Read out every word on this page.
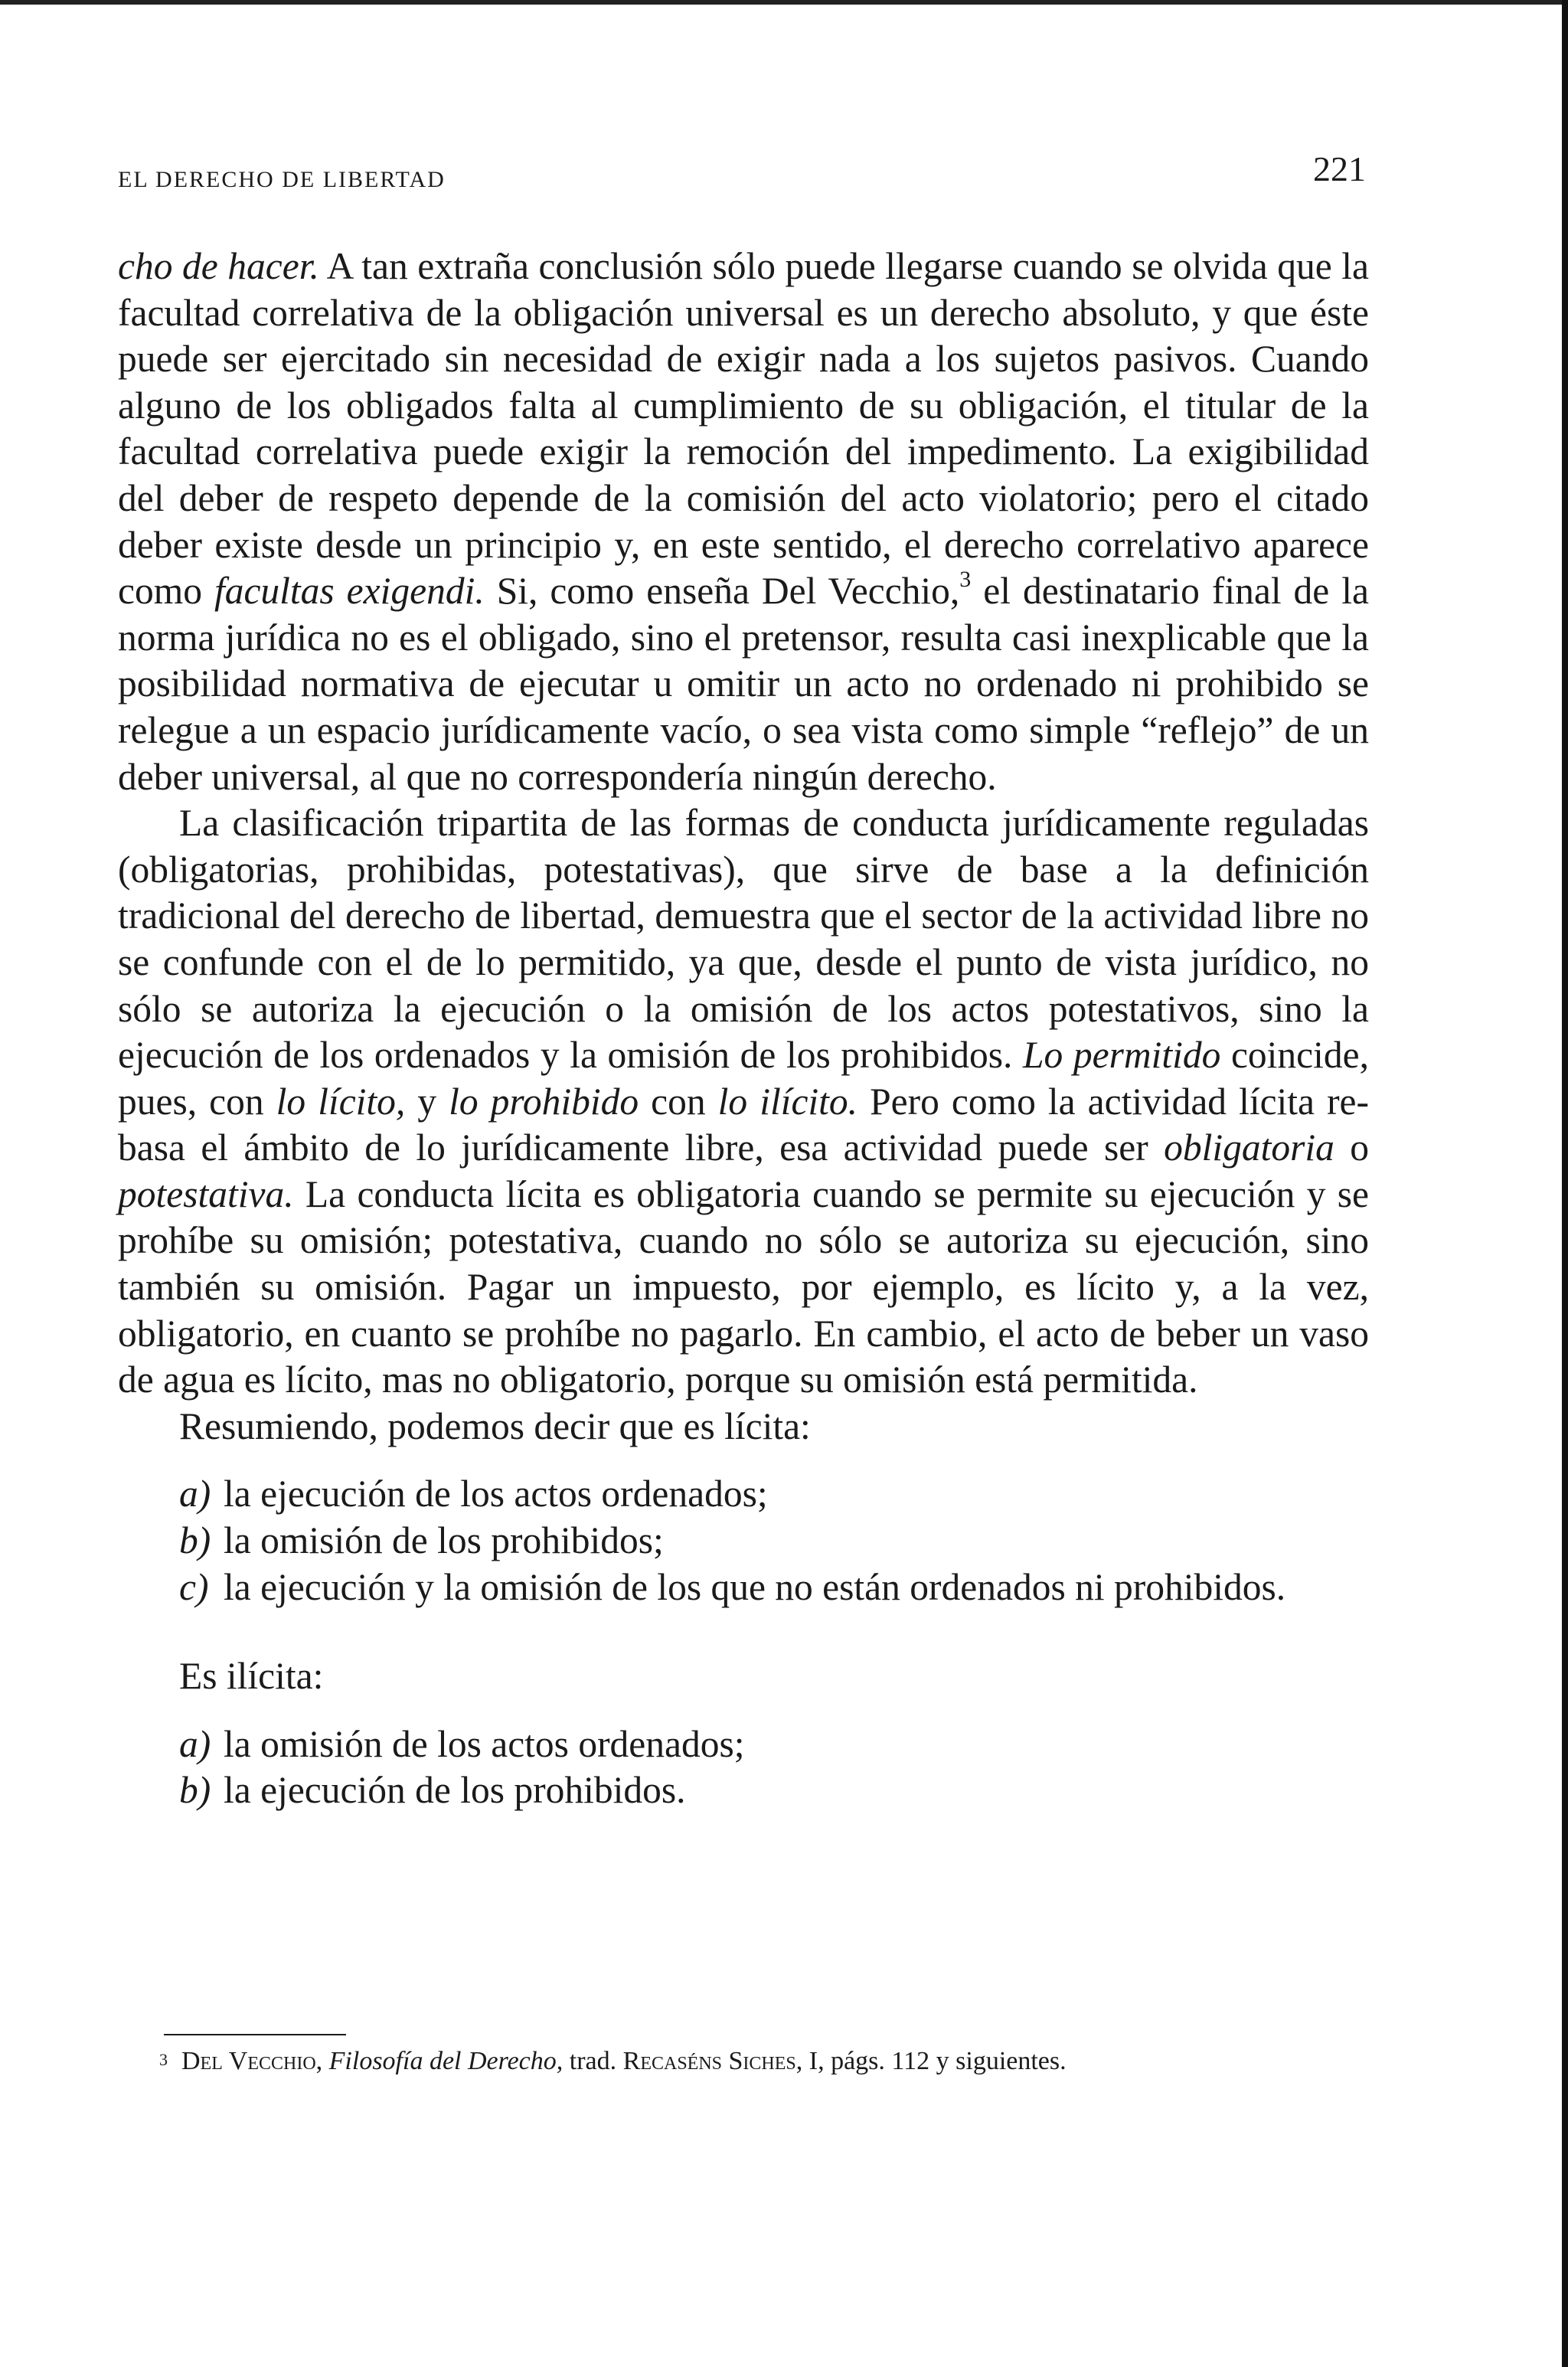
EL DERECHO DE LIBERTAD	221

cho de hacer. A tan extraña conclusión sólo puede llegarse cuando se olvida que la facultad correlativa de la obligación universal es un derecho absoluto, y que éste puede ser ejercitado sin necesidad de exigir nada a los sujetos pasivos. Cuando alguno de los obligados falta al cumplimiento de su obligación, el titular de la facultad correlativa puede exigir la remoción del impedimento. La exigibilidad del deber de respeto depende de la comisión del acto violatorio; pero el citado deber existe desde un principio y, en este sentido, el derecho correlativo aparece como facultas exigendi. Si, como enseña Del Vecchio,$^3$ el destinatario final de la norma jurídica no es el obligado, sino el pretensor, resulta casi inexplicable que la posibilidad normativa de ejecutar u omitir un acto no ordenado ni prohibido se relegue a un espacio jurídicamente vacío, o sea vista como simple “reflejo” de un deber universal, al que no correspondería ningún derecho.

La clasificación tripartita de las formas de conducta jurídicamente reguladas (obligatorias, prohibidas, potestativas), que sirve de base a la definición tradicional del derecho de libertad, demuestra que el sector de la actividad libre no se confunde con el de lo permitido, ya que, desde el punto de vista jurídico, no sólo se autoriza la ejecución o la omisión de los actos potestativos, sino la ejecución de los ordenados y la omisión de los prohibidos. Lo permitido coincide, pues, con lo lícito, y lo prohibido con lo ilícito. Pero como la actividad lícita rebasa el ámbito de lo jurídicamente libre, esa actividad puede ser obligatoria o potestativa. La conducta lícita es obligatoria cuando se permite su ejecución y se prohíbe su omisión; potestativa, cuando no sólo se autoriza su ejecución, sino también su omisión. Pagar un impuesto, por ejemplo, es lícito y, a la vez, obligatorio, en cuanto se prohíbe no pagarlo. En cambio, el acto de beber un vaso de agua es lícito, mas no obligatorio, porque su omisión está permitida.

Resumiendo, podemos decir que es lícita:

a) la ejecución de los actos ordenados;
b) la omisión de los prohibidos;
c) la ejecución y la omisión de los que no están ordenados ni prohibidos.

Es ilícita:

a) la omisión de los actos ordenados;
b) la ejecución de los prohibidos.
3 Del Vecchio, Filosofía del Derecho, trad. Recaséns Siches, I, págs. 112 y siguientes.
